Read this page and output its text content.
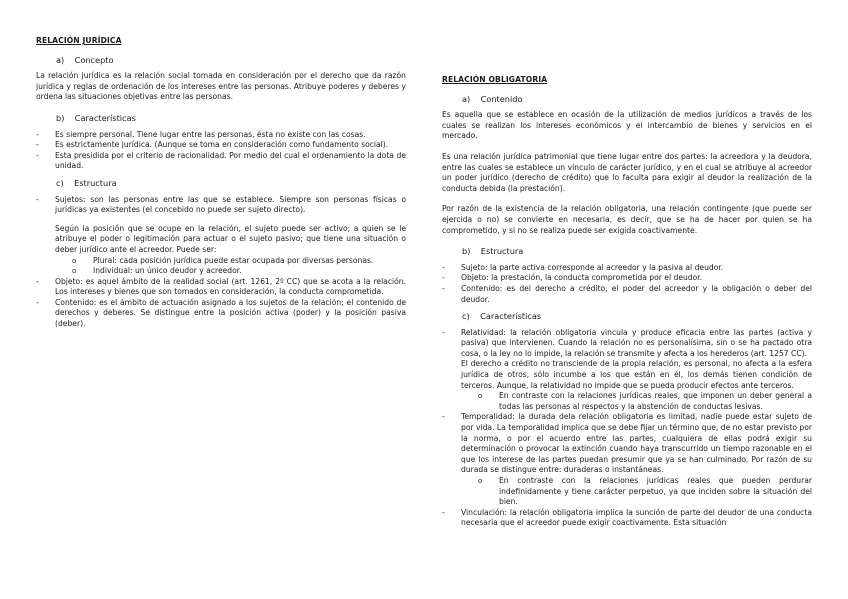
RELACIÓN JURÍDICA
a)    Concepto

La relación jurídica es la relación social tomada en consideración por el derecho que da razón jurídica y reglas de ordenación de los intereses entre las personas. Atribuye poderes y deberes y ordena las situaciones objetivas entre las personas.

b)    Características
- Es siempre personal. Tiene lugar entre las personas, ésta no existe con las cosas.
- Es estrictamente jurídica. (Aunque se toma en consideración como fundamento social).
- Esta presidida por el criterio de racionalidad. Por medio del cual el ordenamiento la dota de unidad.
c)    Estructura
- Sujetos: son las personas entre las que se establece. Siempre son personas físicas o jurídicas ya existentes (el concebido no puede ser sujeto directo).
Según la posición que se ocupe en la relación, el sujeto puede ser activo; a quien se le atribuye el poder o legitimación para actuar o el sujeto pasivo; que tiene una situación o deber jurídico ante el acreedor. Puede ser:
o Plural: cada posición jurídica puede estar ocupada por diversas personas.
o Individual: un único deudor y acreedor.
- Objeto: es aquel ámbito de la realidad social (art. 1261, 2º CC) que se acota a la relación. Los intereses y bienes que son tomados en consideración, la conducta comprometida.
- Contenido: es el ámbito de actuación asignado a los sujetos de la relación; el contenido de derechos y deberes. Se distingue entre la posición activa (poder) y la posición pasiva (deber).
RELACIÓN OBLIGATORIA
a)    Contenido

Es aquella que se establece en ocasión de la utilización de medios jurídicos a través de los cuales se realizan los intereses económicos y el intercambio de bienes y servicios en el mercado.

Es una relación jurídica patrimonial que tiene lugar entre dos partes: la acreedora y la deudora, entre las cuales se establece un vínculo de carácter jurídico, y en el cual se atribuye al acreedor un poder jurídico (derecho de crédito) que lo faculta para exigir al deudor la realización de la conducta debida (la prestación).

Por razón de la existencia de la relación obligatoria, una relación contingente (que puede ser ejercida o no) se convierte en necesaria, es decir, que se ha de hacer por quien se ha comprometido, y si no se realiza puede ser exigida coactivamente.

b)    Estructura
- Sujeto: la parte activa corresponde al acreedor y la pasiva al deudor.
- Objeto: la prestación, la conducta comprometida por el deudor.
- Contenido: es del derecho a crédito, el poder del acreedor y la obligación o deber del deudor.
c)    Características
- Relatividad: la relación obligatoria vincula y produce eficacia entre las partes (activa y pasiva) que intervienen. Cuando la relación no es personalísima, sin o se ha pactado otra cosa, o la ley no lo impide, la relación se transmite y afecta a los herederos (art. 1257 CC).
El derecho a crédito no transciende de la propia relación, es personal, no afecta a la esfera jurídica de otros, sólo incumbe a los que están en él, los demás tienen condición de terceros. Aunque, la relatividad no impide que se pueda producir efectos ante terceros.
o En contraste con la relaciones jurídicas reales, que imponen un deber general a todas las personas al respectos y la abstención de conductas lesivas.
- Temporalidad: la durada dela relación obligatoria es limitad, nadie puede estar sujeto de por vida. La temporalidad implica que se debe fijar un término que, de no estar previsto por la norma, o por el acuerdo entre las partes, cualquiera de ellas podrá exigir su determinación o provocar la extinción cuando haya transcurrido un tiempo razonable en el que los interese de las partes puedan presumir que ya se han culminado. Por razón de su durada se distingue entre: duraderas o instantáneas.
o En contraste con la relaciones jurídicas reales que pueden perdurar indefinidamente y tiene carácter perpetuo, ya que inciden sobre la situación del bien.
- Vinculación: la relación obligatoria implica la sunción de parte del deudor de una conducta necesaria que el acreedor puede exigir coactivamente. Esta situación
